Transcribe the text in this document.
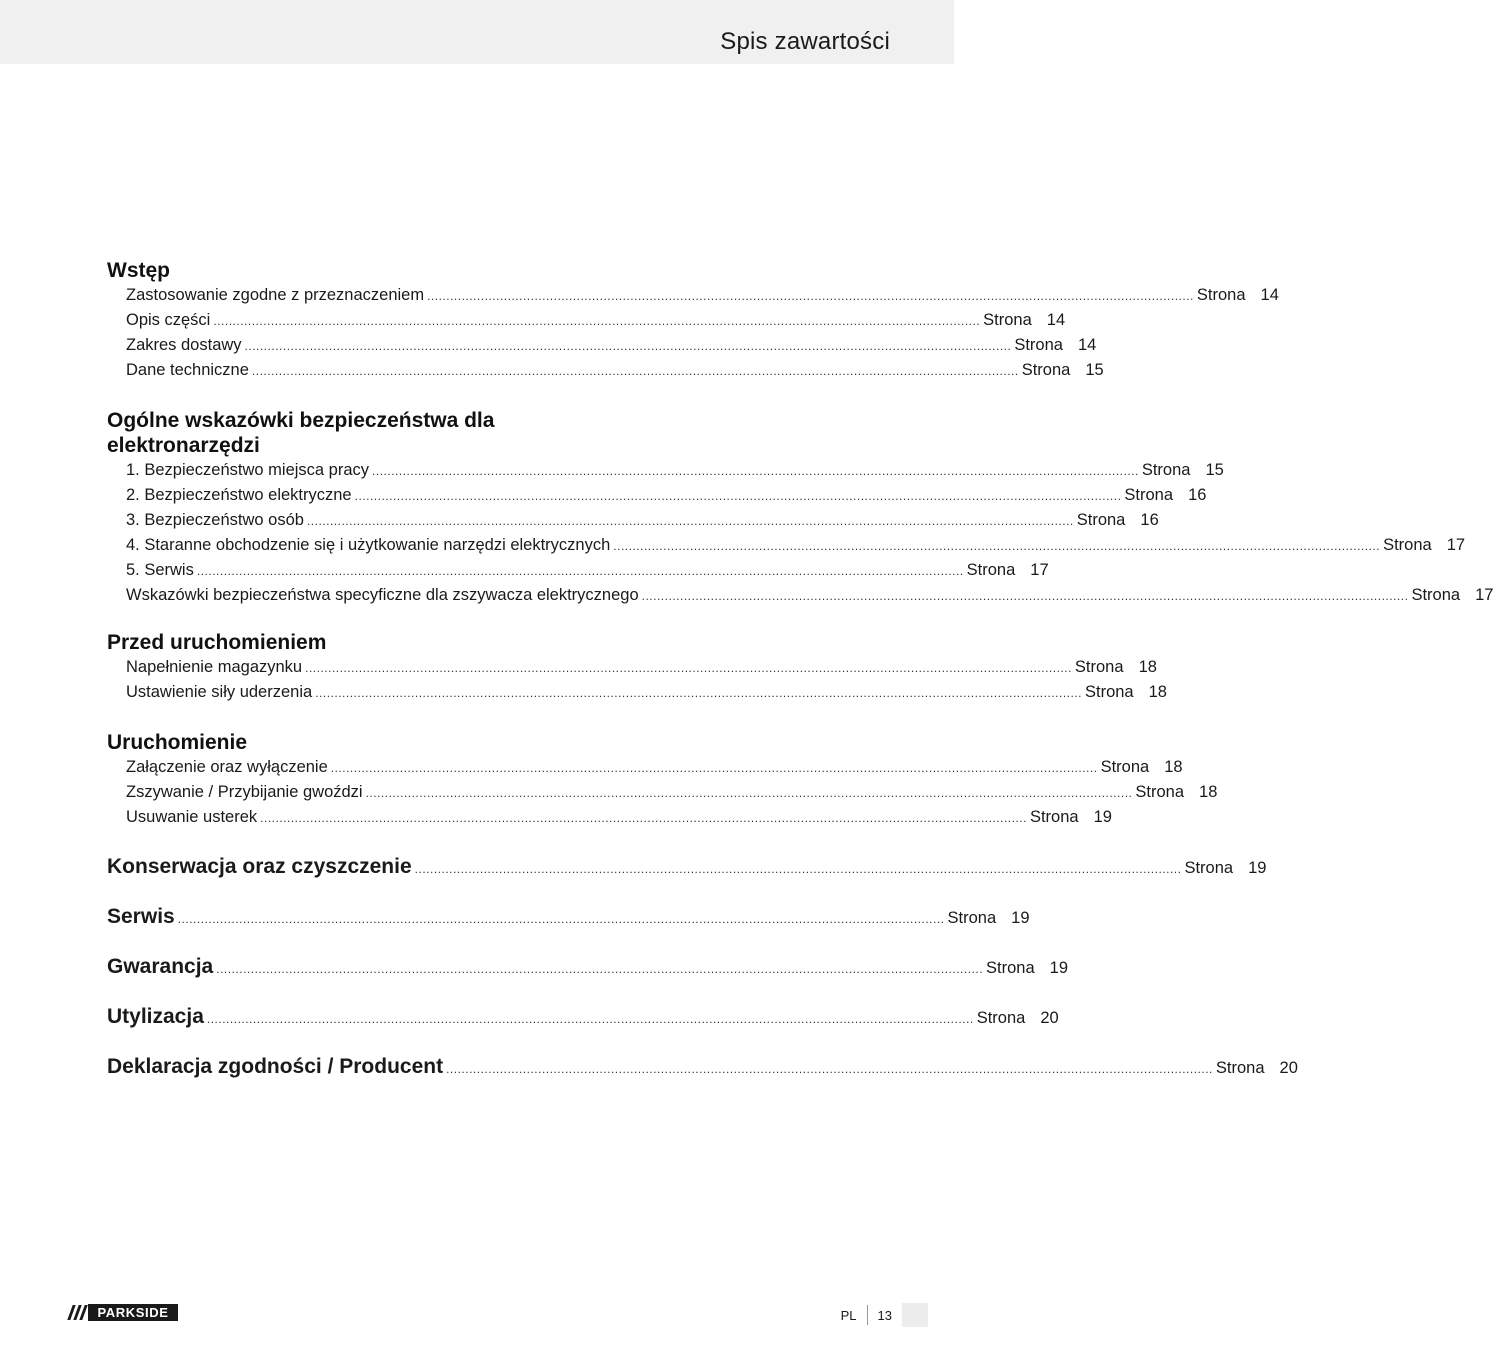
Spis zawartości
Wstęp
Zastosowanie zgodne z przeznaczeniem ........................................................................................................................................................................................................ Strona 14
Opis części ........................................................................................................................................................................................................ Strona 14
Zakres dostawy ........................................................................................................................................................................................................ Strona 14
Dane techniczne ........................................................................................................................................................................................................ Strona 15
Ogólne wskazówki bezpieczeństwa dla
elektronarzędzi
1. Bezpieczeństwo miejsca pracy ........................................................................................................................................................................................................ Strona 15
2. Bezpieczeństwo elektryczne ........................................................................................................................................................................................................ Strona 16
3. Bezpieczeństwo osób ........................................................................................................................................................................................................ Strona 16
4. Staranne obchodzenie się i użytkowanie narzędzi elektrycznych ........................................................................................................................................................................................................ Strona 17
5. Serwis ........................................................................................................................................................................................................ Strona 17
Wskazówki bezpieczeństwa specyficzne dla zszywacza elektrycznego ........................................................................................................................................................................................................ Strona 17
Przed uruchomieniem
Napełnienie magazynku ........................................................................................................................................................................................................ Strona 18
Ustawienie siły uderzenia ........................................................................................................................................................................................................ Strona 18
Uruchomienie
Załączenie oraz wyłączenie ........................................................................................................................................................................................................ Strona 18
Zszywanie / Przybijanie gwoździ ........................................................................................................................................................................................................ Strona 18
Usuwanie usterek ........................................................................................................................................................................................................ Strona 19
Konserwacja oraz czyszczenie ........................................................................................................................................................................................................ Strona 19
Serwis ........................................................................................................................................................................................................ Strona 19
Gwarancja ........................................................................................................................................................................................................ Strona 19
Utylizacja ........................................................................................................................................................................................................ Strona 20
Deklaracja zgodności / Producent ........................................................................................................................................................................................................ Strona 20
PARKSIDE	PL	13
